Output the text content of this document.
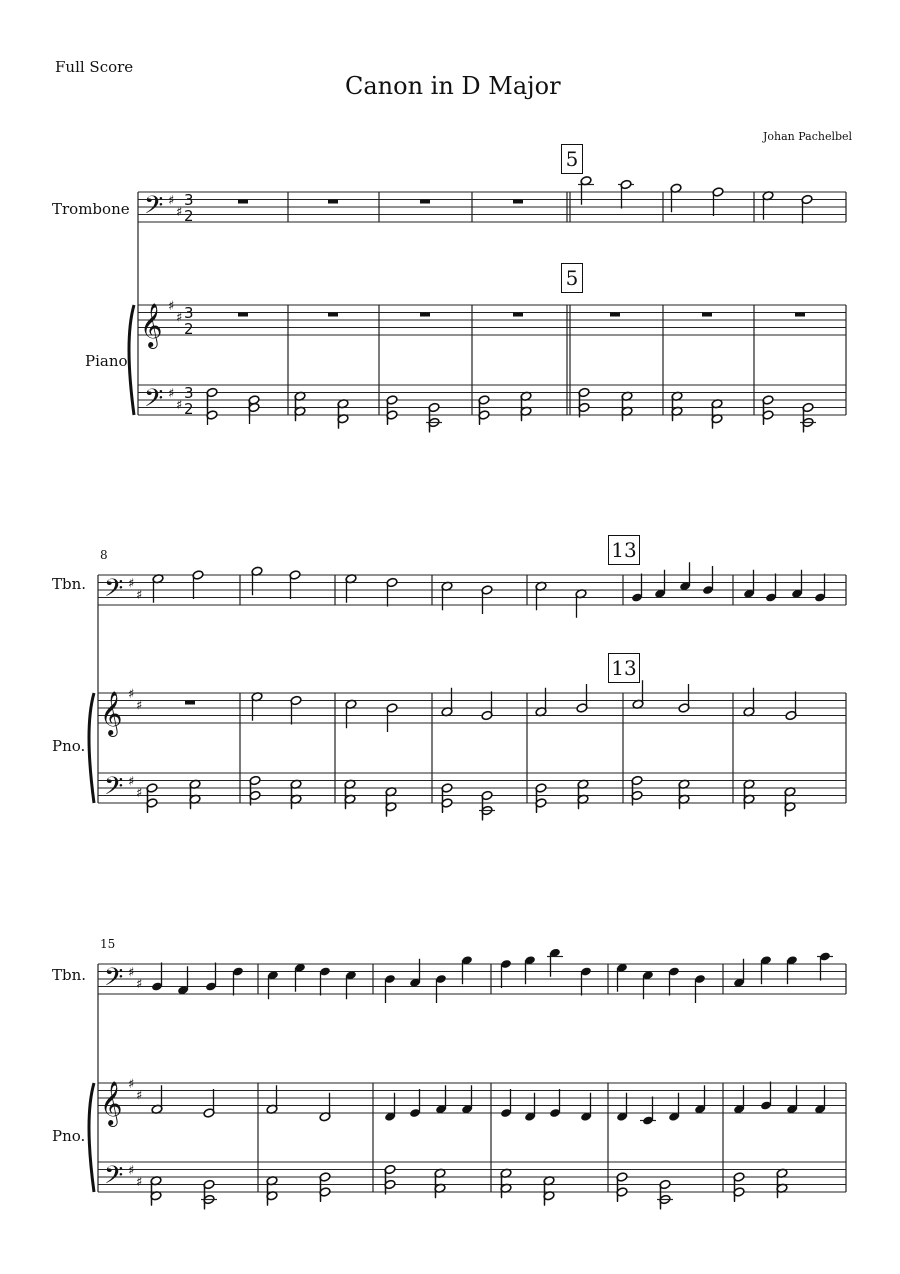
Full Score
Canon in D Major
Johan Pachelbel
Trombone
Piano
Tbn.
Pno.
Tbn.
Pno.
8
15
5
5
13
13
𝄢 ♯
♯
3
2
𝄞 ♯
♯ 3
2
𝄢 ♯
♯
3
2
𝄢 ♯
♯
𝄞 ♯
♯
𝄢 ♯
♯
𝄢 ♯
♯
𝄞 ♯
♯
𝄢 ♯
♯
